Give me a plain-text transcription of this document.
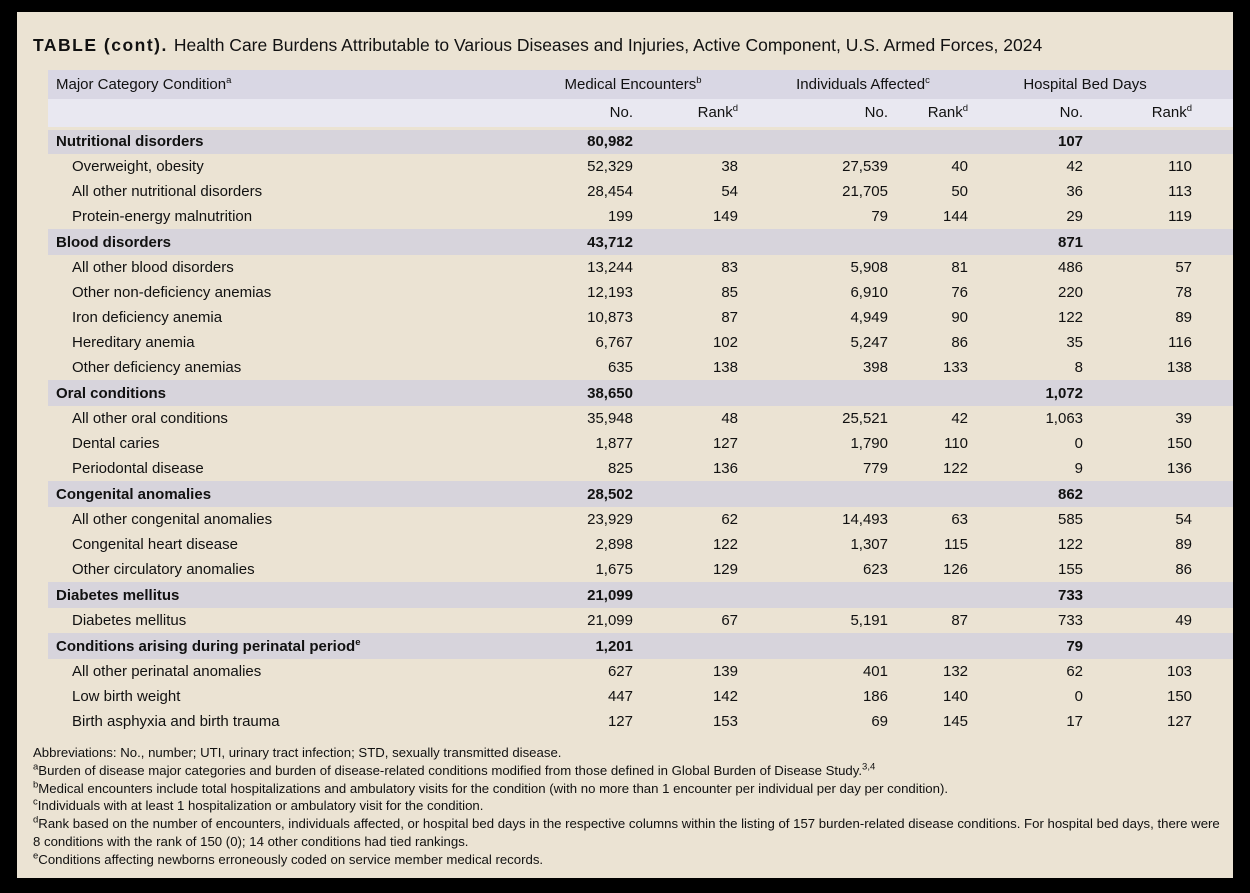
TABLE (cont). Health Care Burdens Attributable to Various Diseases and Injuries, Active Component, U.S. Armed Forces, 2024
Major Category Condition$^a$	Medical Encounters$^b$		Individuals Affected$^c$		Hospital Bed Days	
	No.	Rank$^d$	No.	Rank$^d$	No.	Rank$^d$
Nutritional disorders	80,982				107	
Overweight, obesity	52,329	38	27,539	40	42	110
All other nutritional disorders	28,454	54	21,705	50	36	113
Protein-energy malnutrition	199	149	79	144	29	119
Blood disorders	43,712				871	
All other blood disorders	13,244	83	5,908	81	486	57
Other non-deficiency anemias	12,193	85	6,910	76	220	78
Iron deficiency anemia	10,873	87	4,949	90	122	89
Hereditary anemia	6,767	102	5,247	86	35	116
Other deficiency anemias	635	138	398	133	8	138
Oral conditions	38,650				1,072	
All other oral conditions	35,948	48	25,521	42	1,063	39
Dental caries	1,877	127	1,790	110	0	150
Periodontal disease	825	136	779	122	9	136
Congenital anomalies	28,502				862	
All other congenital anomalies	23,929	62	14,493	63	585	54
Congenital heart disease	2,898	122	1,307	115	122	89
Other circulatory anomalies	1,675	129	623	126	155	86
Diabetes mellitus	21,099				733	
Diabetes mellitus	21,099	67	5,191	87	733	49
Conditions arising during perinatal period$^e$	1,201				79	
All other perinatal anomalies	627	139	401	132	62	103
Low birth weight	447	142	186	140	0	150
Birth asphyxia and birth trauma	127	153	69	145	17	127
Abbreviations: No., number; UTI, urinary tract infection; STD, sexually transmitted disease.
$^a$Burden of disease major categories and burden of disease-related conditions modified from those defined in Global Burden of Disease Study.$^{3,4}$
$^b$Medical encounters include total hospitalizations and ambulatory visits for the condition (with no more than 1 encounter per individual per day per condition).
$^c$Individuals with at least 1 hospitalization or ambulatory visit for the condition.
$^d$Rank based on the number of encounters, individuals affected, or hospital bed days in the respective columns within the listing of 157 burden-related disease conditions. For hospital bed days, there were 8 conditions with the rank of 150 (0); 14 other conditions had tied rankings.
$^e$Conditions affecting newborns erroneously coded on service member medical records.
